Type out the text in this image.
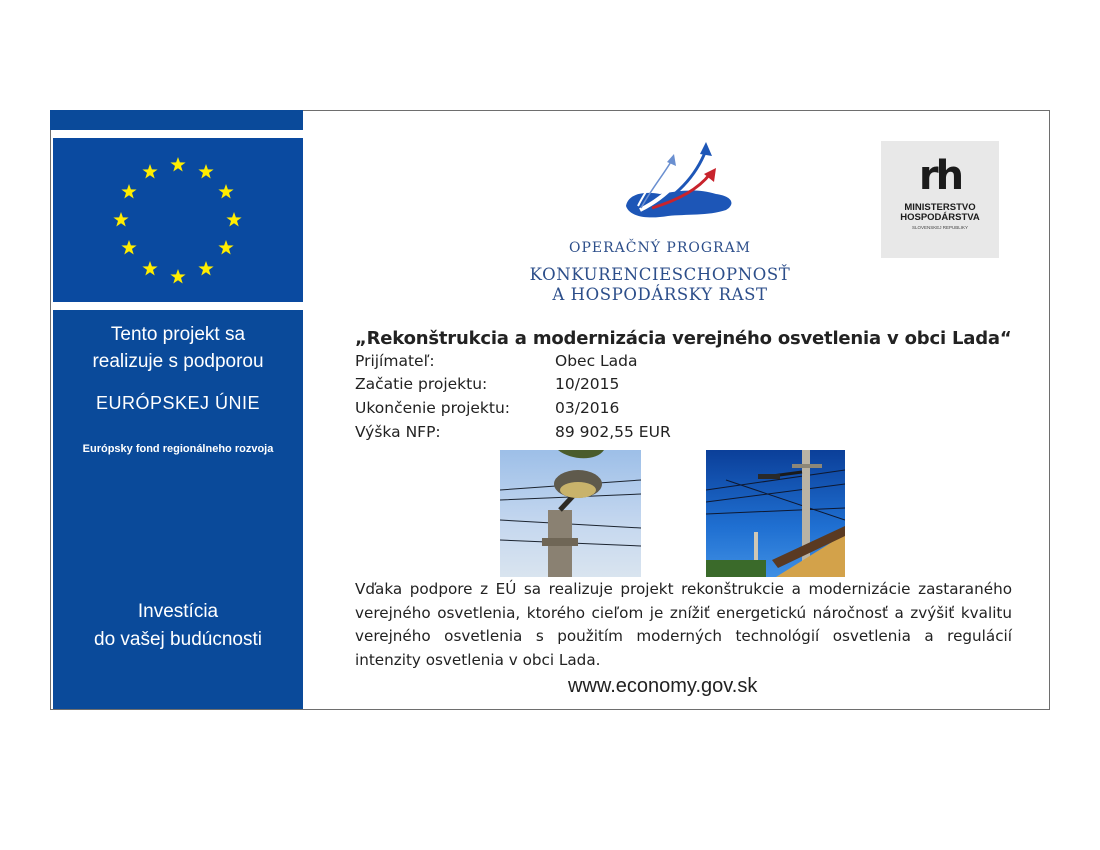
Tento projekt sa
realizuje s podporou
EURÓPSKEJ ÚNIE
Európsky fond regionálneho rozvoja
Investícia
do vašej budúcnosti
OPERAČNÝ PROGRAM
KONKURENCIESCHOPNOSŤ
A HOSPODÁRSKY RAST
rh
MINISTERSTVO
HOSPODÁRSTVA
SLOVENSKEJ REPUBLIKY
„Rekonštrukcia a modernizácia verejného osvetlenia v obci Lada“
Prijímateľ:	Obec Lada
Začatie projektu:	10/2015
Ukončenie projektu:	03/2016
Výška NFP:	89 902,55 EUR
Vďaka podpore z EÚ sa realizuje projekt rekonštrukcie a modernizácie zastaraného verejného osvetlenia, ktorého cieľom je znížiť energetickú náročnosť a zvýšiť kvalitu verejného osvetlenia s použitím moderných technológií osvetlenia a regulácií intenzity osvetlenia v obci Lada.
www.economy.gov.sk
